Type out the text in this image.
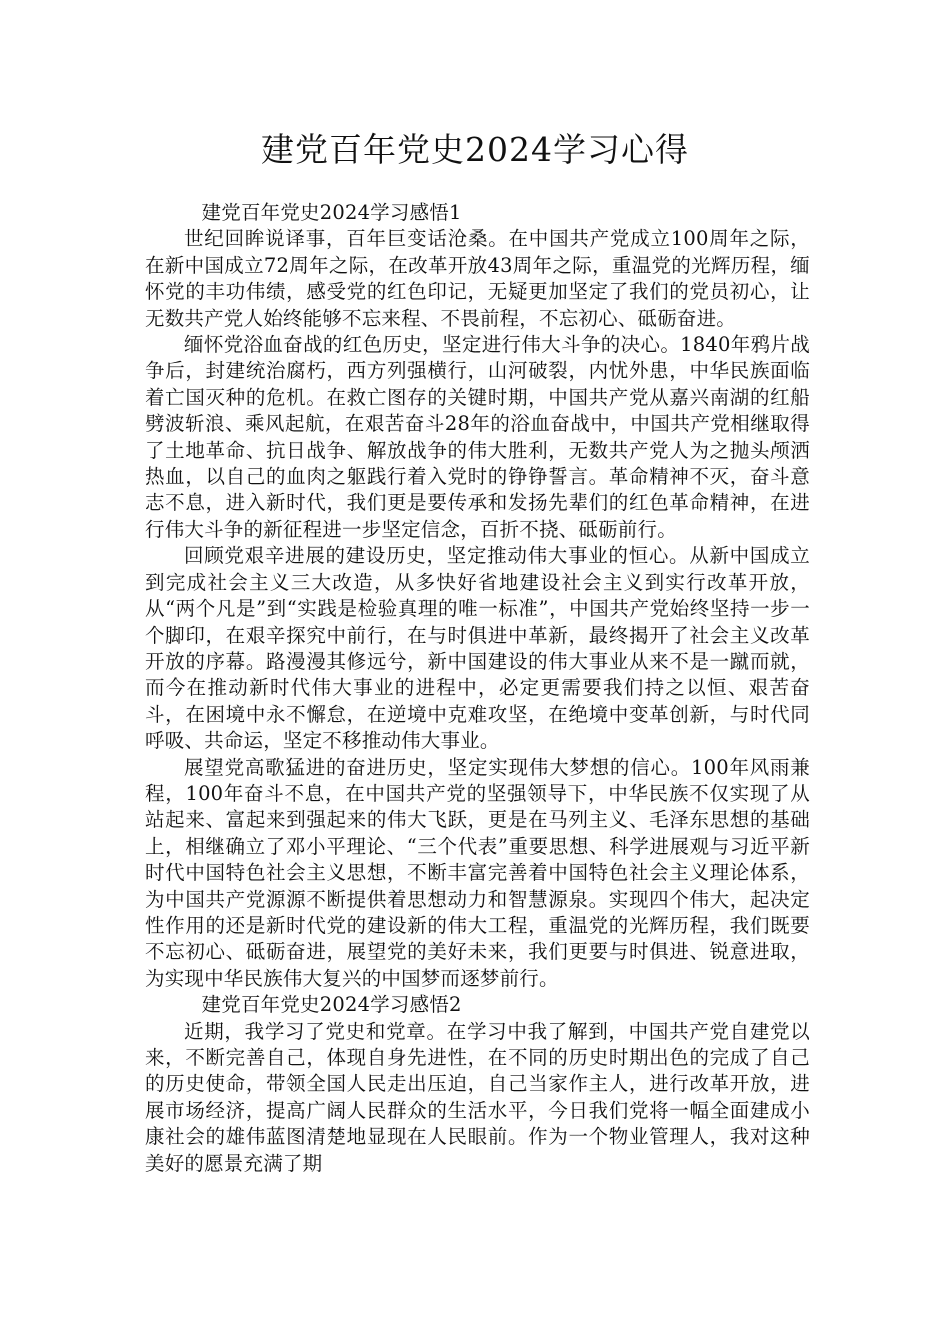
建党百年党史2024学习心得

建党百年党史2024学习感悟1

世纪回眸说译事，百年巨变话沧桑。在中国共产党成立100周年之际，在新中国成立72周年之际，在改革开放43周年之际，重温党的光辉历程，缅怀党的丰功伟绩，感受党的红色印记，无疑更加坚定了我们的党员初心，让无数共产党人始终能够不忘来程、不畏前程，不忘初心、砥砺奋进。

缅怀党浴血奋战的红色历史，坚定进行伟大斗争的决心。1840年鸦片战争后，封建统治腐朽，西方列强横行，山河破裂，内忧外患，中华民族面临着亡国灭种的危机。在救亡图存的关键时期，中国共产党从嘉兴南湖的红船劈波斩浪、乘风起航，在艰苦奋斗28年的浴血奋战中，中国共产党相继取得了土地革命、抗日战争、解放战争的伟大胜利，无数共产党人为之抛头颅洒热血，以自己的血肉之躯践行着入党时的铮铮誓言。革命精神不灭，奋斗意志不息，进入新时代，我们更是要传承和发扬先辈们的红色革命精神，在进行伟大斗争的新征程进一步坚定信念，百折不挠、砥砺前行。

回顾党艰辛进展的建设历史，坚定推动伟大事业的恒心。从新中国成立到完成社会主义三大改造，从多快好省地建设社会主义到实行改革开放，从“两个凡是”到“实践是检验真理的唯一标准”，中国共产党始终坚持一步一个脚印，在艰辛探究中前行，在与时俱进中革新，最终揭开了社会主义改革开放的序幕。路漫漫其修远兮，新中国建设的伟大事业从来不是一蹴而就，而今在推动新时代伟大事业的进程中，必定更需要我们持之以恒、艰苦奋斗，在困境中永不懈怠，在逆境中克难攻坚，在绝境中变革创新，与时代同呼吸、共命运，坚定不移推动伟大事业。

展望党高歌猛进的奋进历史，坚定实现伟大梦想的信心。100年风雨兼程，100年奋斗不息，在中国共产党的坚强领导下，中华民族不仅实现了从站起来、富起来到强起来的伟大飞跃，更是在马列主义、毛泽东思想的基础上，相继确立了邓小平理论、“三个代表”重要思想、科学进展观与习近平新时代中国特色社会主义思想，不断丰富完善着中国特色社会主义理论体系，为中国共产党源源不断提供着思想动力和智慧源泉。实现四个伟大，起决定性作用的还是新时代党的建设新的伟大工程，重温党的光辉历程，我们既要不忘初心、砥砺奋进，展望党的美好未来，我们更要与时俱进、锐意进取，为实现中华民族伟大复兴的中国梦而逐梦前行。

建党百年党史2024学习感悟2

近期，我学习了党史和党章。在学习中我了解到，中国共产党自建党以来，不断完善自己，体现自身先进性，在不同的历史时期出色的完成了自己的历史使命，带领全国人民走出压迫，自己当家作主人，进行改革开放，进展市场经济，提高广阔人民群众的生活水平，今日我们党将一幅全面建成小康社会的雄伟蓝图清楚地显现在人民眼前。作为一个物业管理人，我对这种美好的愿景充满了期
